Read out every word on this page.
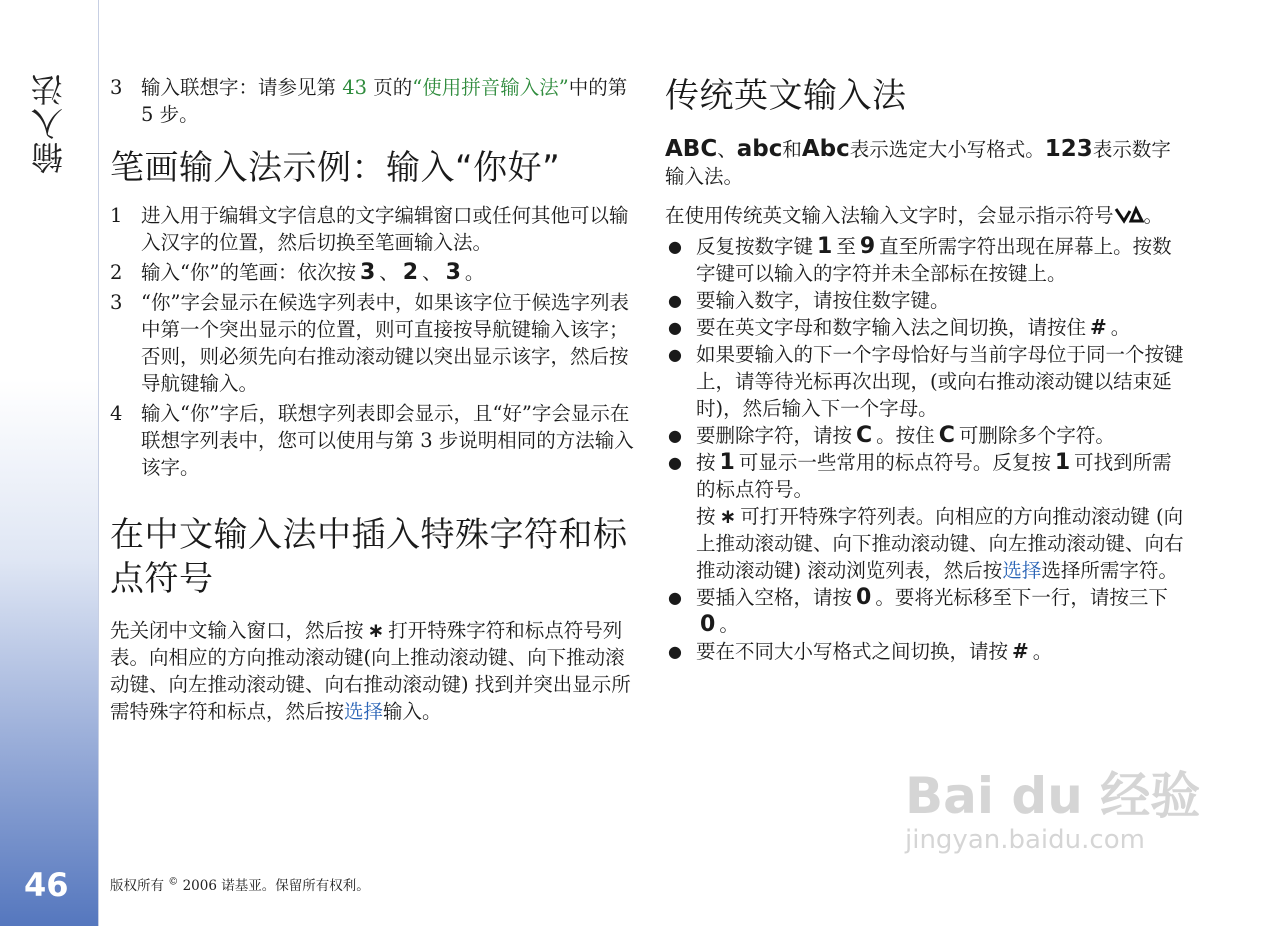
输入法
46
3 输入联想字：请参见第 43 页的“使用拼音输入法”中的第 5 步。
笔画输入法示例：输入“你好”
1 进入用于编辑文字信息的文字编辑窗口或任何其他可以输入汉字的位置，然后切换至笔画输入法。
2 输入“你”的笔画：依次按 3 、 2 、 3 。
3 “你”字会显示在候选字列表中，如果该字位于候选字列表中第一个突出显示的位置，则可直接按导航键输入该字；否则，则必须先向右推动滚动键以突出显示该字，然后按导航键输入。
4 输入“你”字后，联想字列表即会显示，且“好”字会显示在联想字列表中，您可以使用与第 3 步说明相同的方法输入该字。
在中文输入法中插入特殊字符和标点符号

先关闭中文输入窗口，然后按 ∗ 打开特殊字符和标点符号列表。向相应的方向推动滚动键(向上推动滚动键、向下推动滚动键、向左推动滚动键、向右推动滚动键) 找到并突出显示所需特殊字符和标点，然后按选择输入。

传统英文输入法

ABC、abc和Abc表示选定大小写格式。123表示数字输入法。

在使用传统英文输入法输入文字时，会显示指示符号 。

● 反复按数字键 1 至 9 直至所需字符出现在屏幕上。按数字键可以输入的字符并未全部标在按键上。
● 要输入数字，请按住数字键。
● 要在英文字母和数字输入法之间切换，请按住 # 。
● 如果要输入的下一个字母恰好与当前字母位于同一个按键上，请等待光标再次出现，(或向右推动滚动键以结束延时)，然后输入下一个字母。
● 要删除字符，请按 C 。按住 C 可删除多个字符。
● 按 1 可显示一些常用的标点符号。反复按 1 可找到所需的标点符号。
按 ∗ 可打开特殊字符列表。向相应的方向推动滚动键 (向上推动滚动键、向下推动滚动键、向左推动滚动键、向右推动滚动键) 滚动浏览列表，然后按选择选择所需字符。
● 要插入空格，请按 0 。要将光标移至下一行，请按三下0 。
● 要在不同大小写格式之间切换，请按 # 。
版权所有 © 2006 诺基亚。保留所有权利。
Bai du 经验
jingyan.baidu.com
